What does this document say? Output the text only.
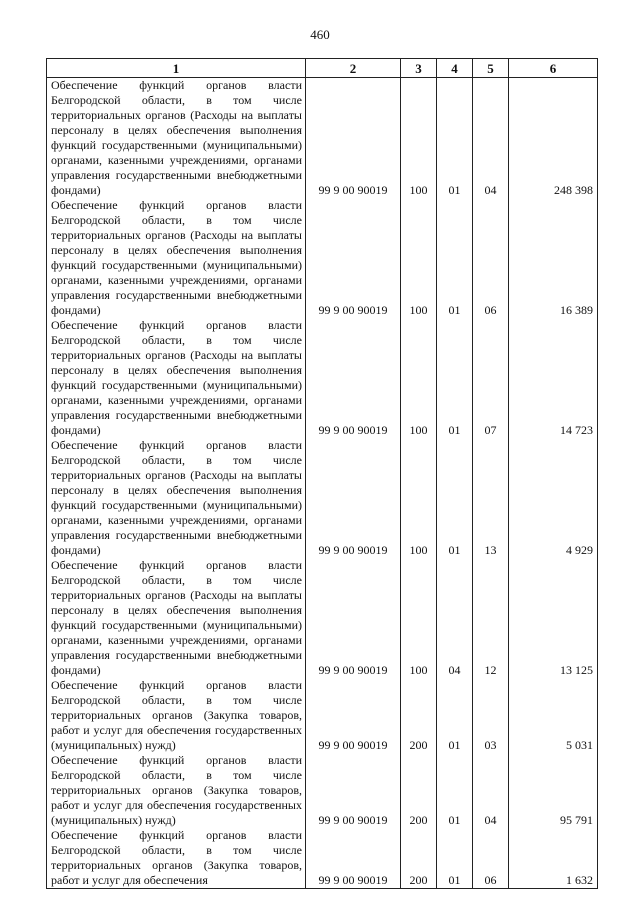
460
1	2	3	4	5	6
Обеспечение функций органов власти Белгородской области, в том числе территориальных органов (Расходы на выплаты персоналу в целях обеспечения выполнения функций государственными (муниципальными) органами, казенными учреждениями, органами управления государственными внебюджетными фондами)	99 9 00 90019	100	01	04	248 398
Обеспечение функций органов власти Белгородской области, в том числе территориальных органов (Расходы на выплаты персоналу в целях обеспечения выполнения функций государственными (муниципальными) органами, казенными учреждениями, органами управления государственными внебюджетными фондами)	99 9 00 90019	100	01	06	16 389
Обеспечение функций органов власти Белгородской области, в том числе территориальных органов (Расходы на выплаты персоналу в целях обеспечения выполнения функций государственными (муниципальными) органами, казенными учреждениями, органами управления государственными внебюджетными фондами)	99 9 00 90019	100	01	07	14 723
Обеспечение функций органов власти Белгородской области, в том числе территориальных органов (Расходы на выплаты персоналу в целях обеспечения выполнения функций государственными (муниципальными) органами, казенными учреждениями, органами управления государственными внебюджетными фондами)	99 9 00 90019	100	01	13	4 929
Обеспечение функций органов власти Белгородской области, в том числе территориальных органов (Расходы на выплаты персоналу в целях обеспечения выполнения функций государственными (муниципальными) органами, казенными учреждениями, органами управления государственными внебюджетными фондами)	99 9 00 90019	100	04	12	13 125
Обеспечение функций органов власти Белгородской области, в том числе территориальных органов (Закупка товаров, работ и услуг для обеспечения государственных (муниципальных) нужд)	99 9 00 90019	200	01	03	5 031
Обеспечение функций органов власти Белгородской области, в том числе территориальных органов (Закупка товаров, работ и услуг для обеспечения государственных (муниципальных) нужд)	99 9 00 90019	200	01	04	95 791
Обеспечение функций органов власти Белгородской области, в том числе территориальных органов (Закупка товаров, работ и услуг для обеспечения	99 9 00 90019	200	01	06	1 632
